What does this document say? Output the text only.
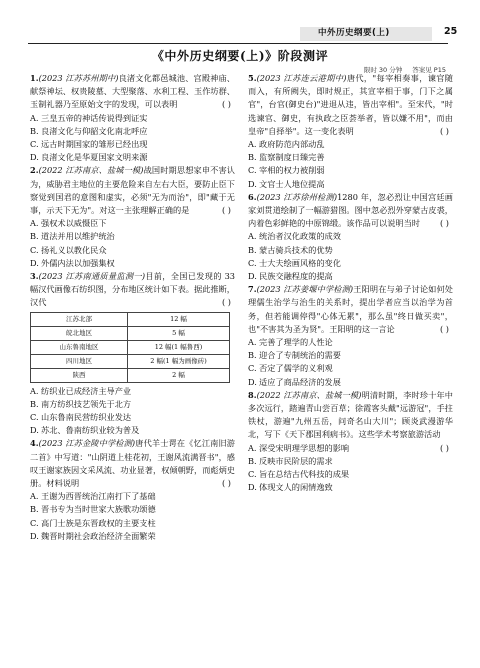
中外历史纲要(上)	25
《中外历史纲要(上)》阶段测评
限时 30 分钟 答案见 P15
1.(2023 江苏苏州期中)良渚文化都邑城池、宫殿神庙、献祭神坛、权贵陵墓、大型聚落、水利工程、玉作坊群、玉制礼器乃至原始文字的发现，可以表明	( )
A. 三皇五帝的神话传说得到证实
B. 良渚文化与仰韶文化南北呼应
C. 远古时期国家的雏形已经出现
D. 良渚文化是华夏国家文明来源
2.(2022 江苏南京、盐城一模)战国时期思想家申不害认为，威胁君主地位的主要危险来自左右大臣，要防止臣下察觉到国君的意图和虚实，必须"无为而治"，即"藏于无事，示天下无为"。对这一主张理解正确的是	( )
A. 强权术以威慑臣下
B. 道法并用以维护统治
C. 扬礼义以教化民众
D. 外儒内法以加强集权
3.(2023 江苏南通质量监测一)目前，全国已发现的 33 幅汉代画像石纺织图，分布地区统计如下表。据此推断，汉代	( )
江苏北部	12 幅
皖北地区	5 幅
山东鲁南地区	12 幅(1 幅鲁西)
四川地区	2 幅(1 幅为画像砖)
陕西	2 幅
A. 纺织业已成经济主导产业
B. 南方纺织技艺领先于北方
C. 山东鲁南民营纺织业发达
D. 苏北、鲁南纺织业较为普及
4.(2023 江苏金陵中学检测)唐代羊士谔在《忆江南旧游二首》中写道："山阴道上桂花初，王谢风流满晋书"，感叹王谢家族因文采风流、功业显著，权倾朝野，而彪炳史册。材料说明	( )
A. 王谢为西晋统治江南打下了基础
B. 晋书专为当时世家大族歌功颂德
C. 高门士族是东晋政权的主要支柱
D. 魏晋时期社会政治经济全面繁荣
5.(2023 江苏连云港期中)唐代，"每宰相奏事，谏官随而入，有所阙失，即时规正，其宣宰相于事，门下之属官"，台官(御史台)"进退从违，皆出宰相"。至宋代，"时选谏官、御史，有执政之臣荟举者，皆以嫌不用"，而由皇帝"自择举"。这一变化表明	( )
A. 政府防范内部动乱
B. 监察制度日臻完善
C. 宰相的权力被削弱
D. 文官士人地位提高
6.(2023 江苏徐州检测)1280 年，忽必烈让中国宫廷画家刘贯道绘制了一幅游猎图。图中忽必烈外穿蒙古皮裘，内着色彩鲜艳的中原锦缎。该作品可以说明当时 ( )
A. 统治者汉化政策的成效
B. 蒙古骑兵技术的优势
C. 士大夫绘画风格的变化
D. 民族交融程度的提高
7.(2023 江苏姜堰中学检测)王阳明在与弟子讨论如何处理儒生治学与治生的关系时，提出学者应当以治学为首务，但若能调停得"心体无累"，那么虽"终日做买卖"，也"不害其为圣为贤"。王阳明的这一言论	( )
A. 完善了理学的人性论
B. 迎合了专制统治的需要
C. 否定了儒学的义利观
D. 适应了商品经济的发展
8.(2022 江苏南京、盐城一模)明清时期，李时珍十年中多次远行，踏遍青山尝百草；徐霞客头戴"远游冠"，手拄铁杖，游遍"九州五岳，问奇名山大川"；顾炎武漫游华北，写下《天下郡国利病书》。这些学术考察旅游活动
( )
A. 深受宋明理学思想的影响
B. 反映市民阶层的需求
C. 旨在总结古代科技的成果
D. 体现文人的闲情逸致
